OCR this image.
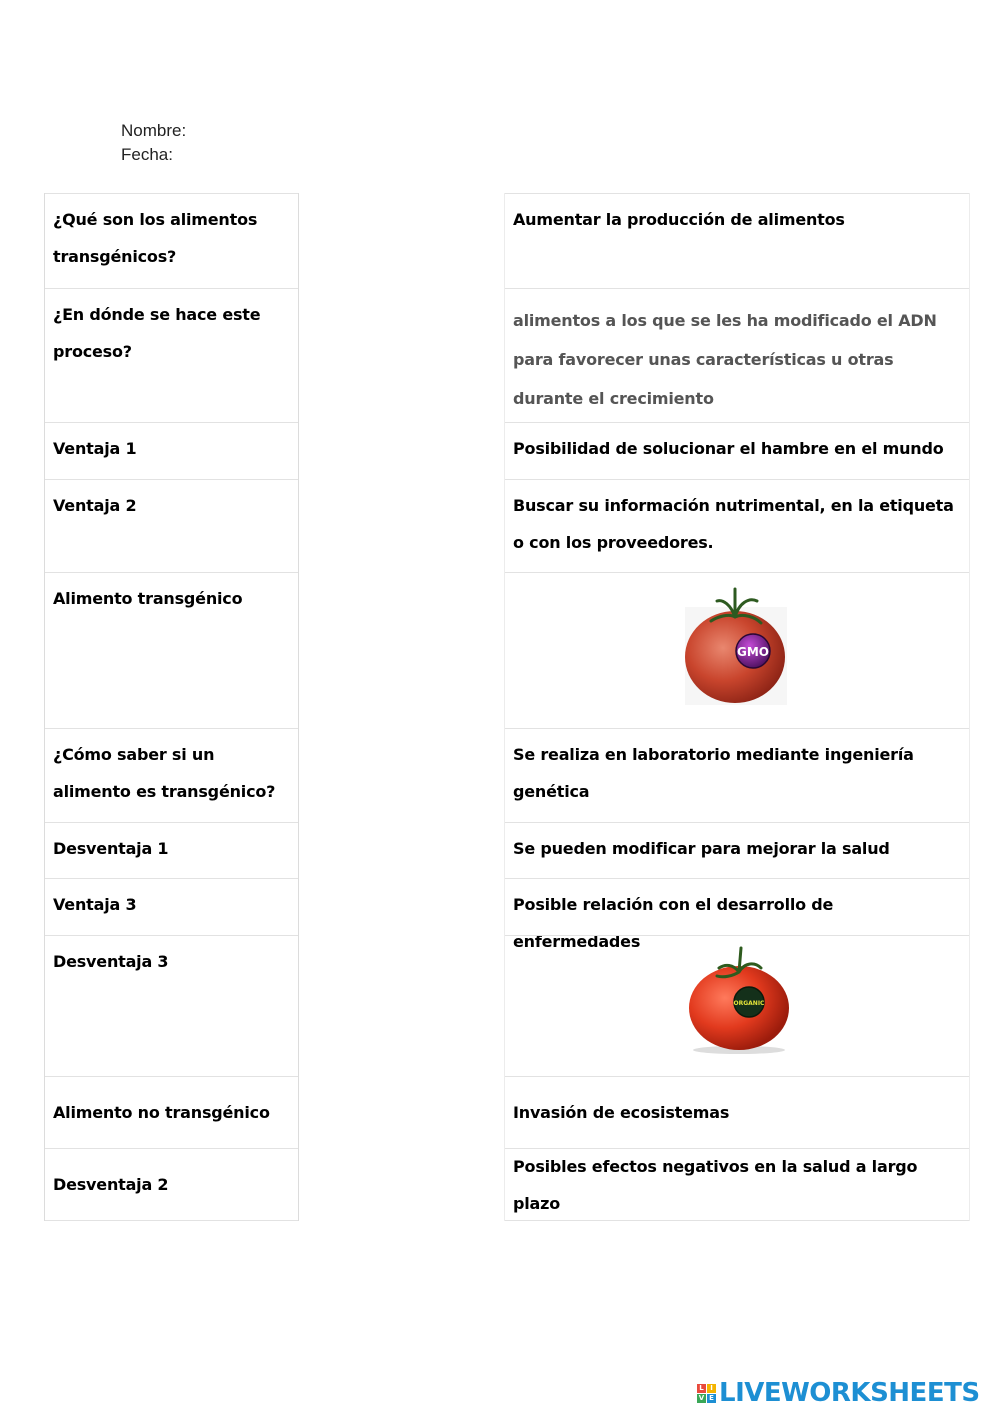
Nombre:
Fecha:
¿Qué son los alimentos transgénicos?
¿En dónde se hace este proceso?
Ventaja 1
Ventaja 2
Alimento transgénico
¿Cómo saber si un alimento es transgénico?
Desventaja 1
Ventaja 3
Desventaja 3
Alimento no transgénico
Desventaja 2
Aumentar la producción de alimentos
alimentos a los que se les ha modificado el ADN para favorecer unas características u otras durante el crecimiento
Posibilidad de solucionar el hambre en el mundo
Buscar su información nutrimental, en la etiqueta o con los proveedores.
GMO
Se realiza en laboratorio mediante ingeniería genética
Se pueden modificar para mejorar la salud
Posible relación con el desarrollo de enfermedades
ORGANIC
Invasión de ecosistemas
Posibles efectos negativos en la salud a largo plazo
L I
V E LIVEWORKSHEETS
